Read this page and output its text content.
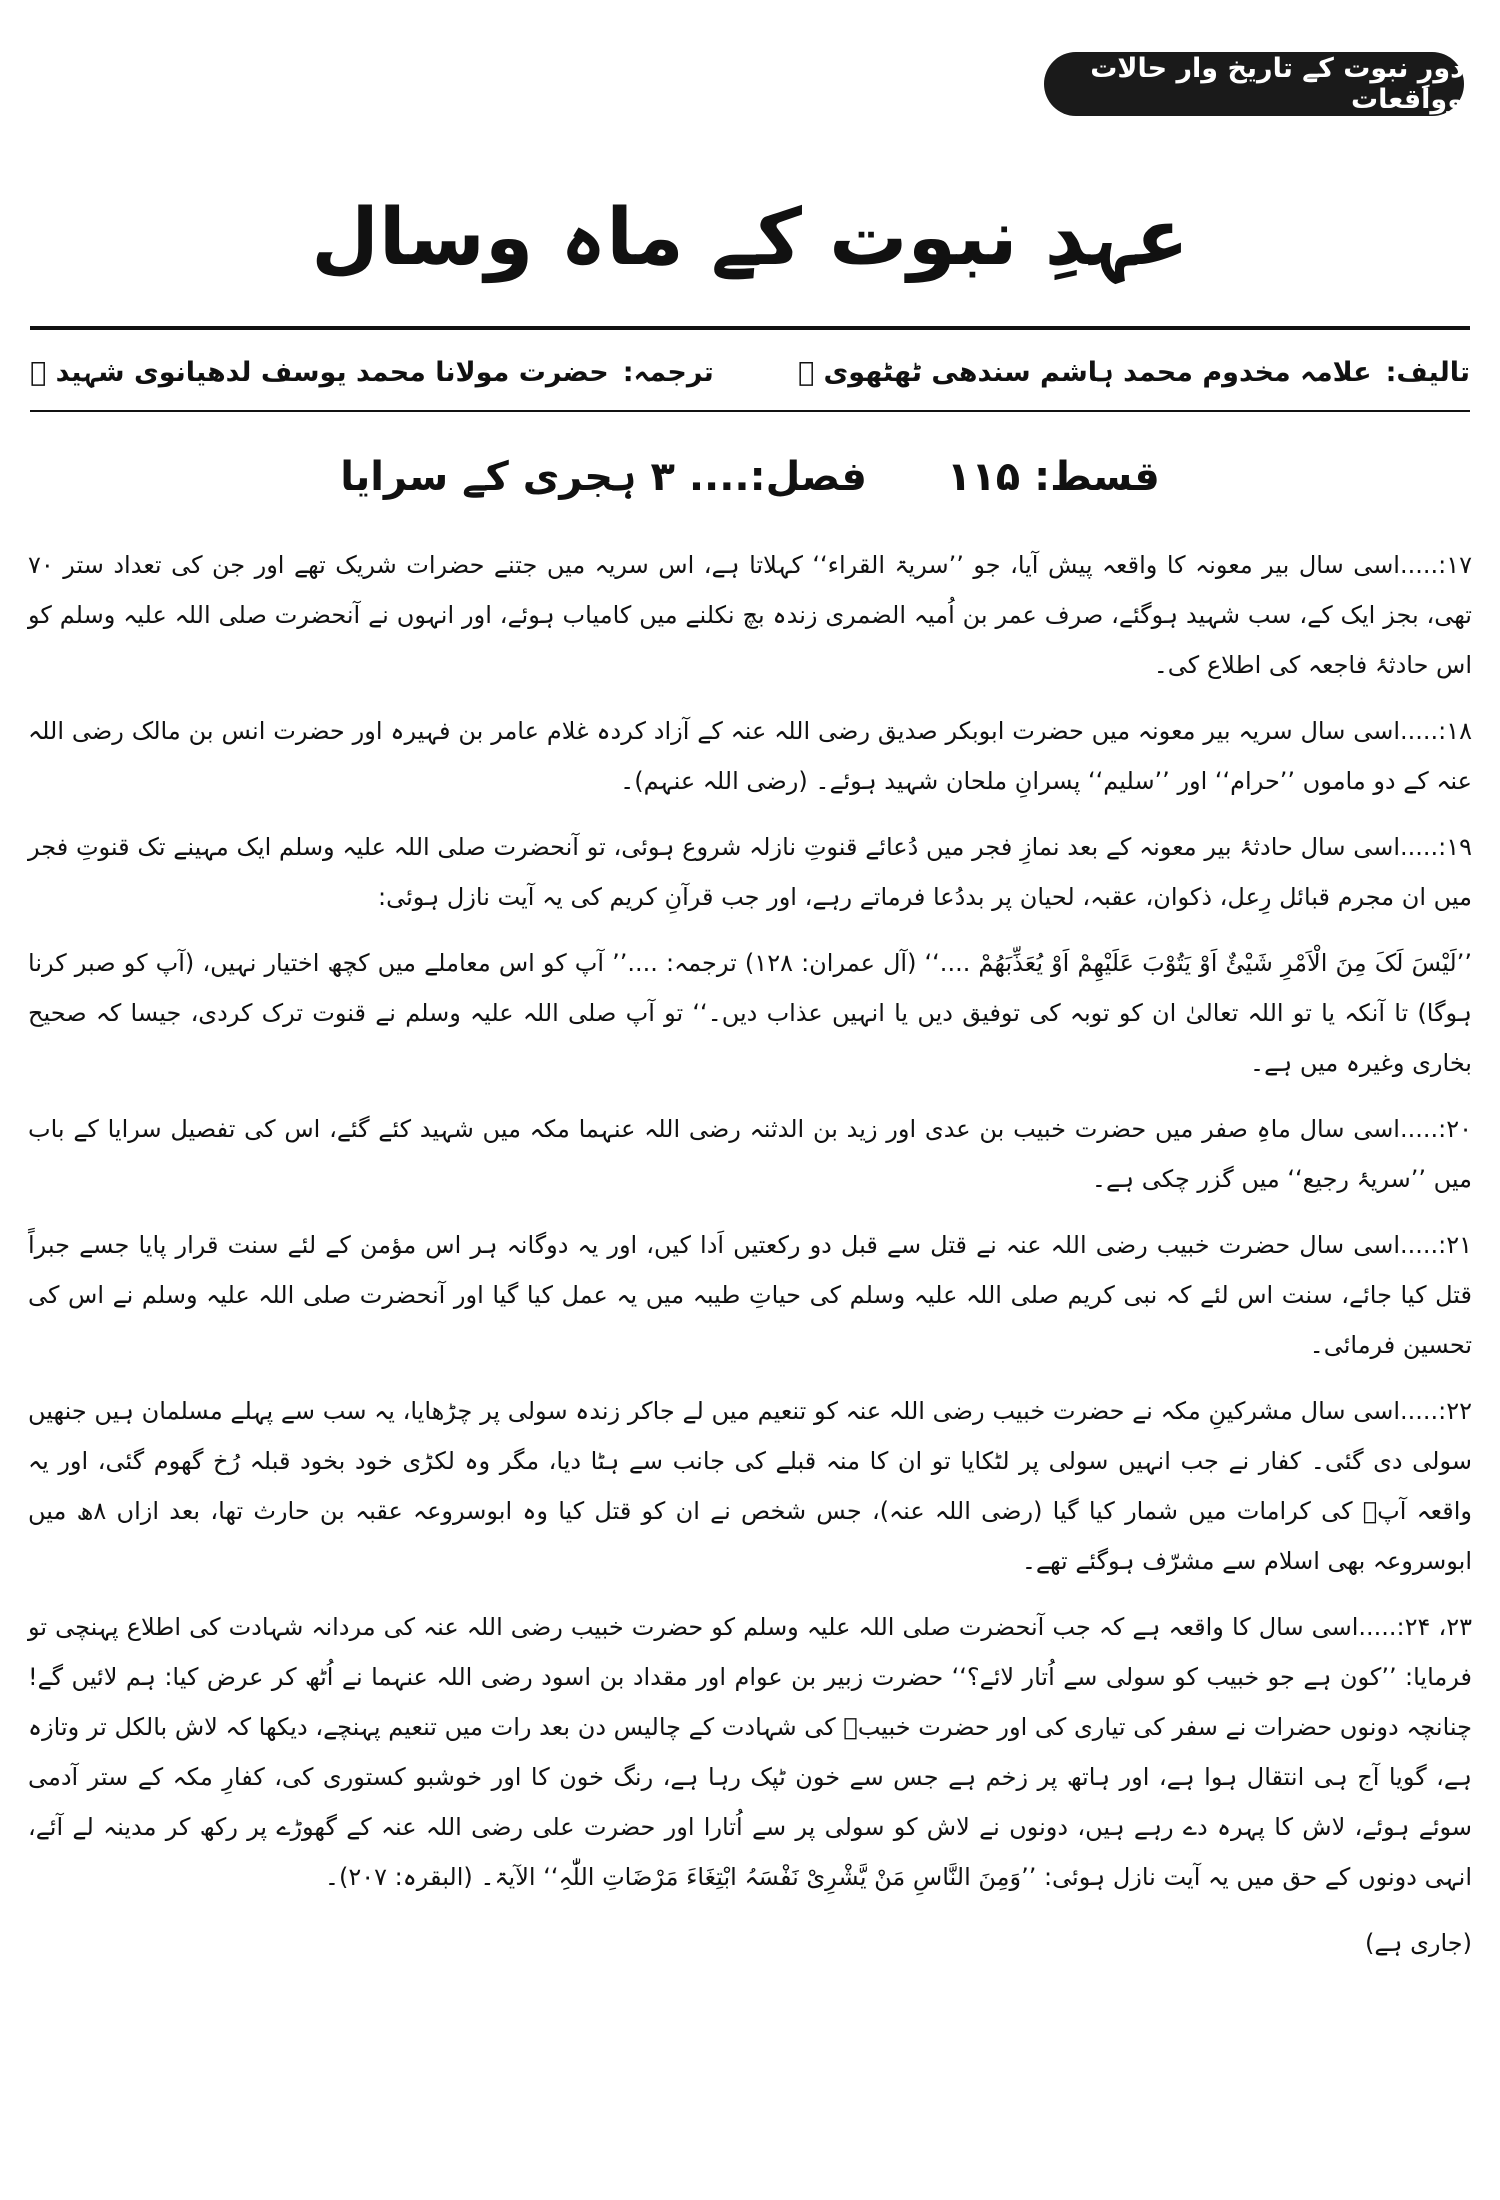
دورِ نبوت کے تاریخ وار حالات وواقعات
عہدِ نبوت کے ماہ وسال
تالیف:
علامہ مخدوم محمد ہاشم سندھی ٹھٹھوی ﷫
ترجمہ:
حضرت مولانا محمد یوسف لدھیانوی شہید ﷫
قسط: ۱۱۵
فصل:.... ۳ ہجری کے سرایا

۱۷:.....اسی سال بیر معونہ کا واقعہ پیش آیا، جو ’’سریۃ القراء‘‘ کہلاتا ہے، اس سریہ میں جتنے حضرات شریک تھے اور جن کی تعداد ستر ۷۰ تھی، بجز ایک کے، سب شہید ہوگئے، صرف عمر بن اُمیہ الضمری زندہ بچ نکلنے میں کامیاب ہوئے، اور انہوں نے آنحضرت صلی اللہ علیہ وسلم کو اس حادثۂ فاجعہ کی اطلاع کی۔

۱۸:.....اسی سال سریہ بیر معونہ میں حضرت ابوبکر صدیق رضی اللہ عنہ کے آزاد کردہ غلام عامر بن فہیرہ اور حضرت انس بن مالک رضی اللہ عنہ کے دو ماموں ’’حرام‘‘ اور ’’سلیم‘‘ پسرانِ ملحان شہید ہوئے۔ (رضی اللہ عنہم)۔

۱۹:.....اسی سال حادثۂ بیر معونہ کے بعد نمازِ فجر میں دُعائے قنوتِ نازلہ شروع ہوئی، تو آنحضرت صلی اللہ علیہ وسلم ایک مہینے تک قنوتِ فجر میں ان مجرم قبائل رِعل، ذکوان، عقبہ، لحیان پر بددُعا فرماتے رہے، اور جب قرآنِ کریم کی یہ آیت نازل ہوئی:

’’لَیْسَ لَکَ مِنَ الْاَمْرِ شَیْئٌ اَوْ یَتُوْبَ عَلَیْھِمْ اَوْ یُعَذِّبَھُمْ ....‘‘ (آل عمران: ۱۲۸) ترجمہ: ....’’ آپ کو اس معاملے میں کچھ اختیار نہیں، (آپ کو صبر کرنا ہوگا) تا آنکہ یا تو اللہ تعالیٰ ان کو توبہ کی توفیق دیں یا انہیں عذاب دیں۔‘‘ تو آپ صلی اللہ علیہ وسلم نے قنوت ترک کردی، جیسا کہ صحیح بخاری وغیرہ میں ہے۔

۲۰:.....اسی سال ماہِ صفر میں حضرت خبیب بن عدی اور زید بن الدثنہ رضی اللہ عنہما مکہ میں شہید کئے گئے، اس کی تفصیل سرایا کے باب میں ’’سریۂ رجیع‘‘ میں گزر چکی ہے۔

۲۱:.....اسی سال حضرت خبیب رضی اللہ عنہ نے قتل سے قبل دو رکعتیں اَدا کیں، اور یہ دوگانہ ہر اس مؤمن کے لئے سنت قرار پایا جسے جبراً قتل کیا جائے، سنت اس لئے کہ نبی کریم صلی اللہ علیہ وسلم کی حیاتِ طیبہ میں یہ عمل کیا گیا اور آنحضرت صلی اللہ علیہ وسلم نے اس کی تحسین فرمائی۔

۲۲:.....اسی سال مشرکینِ مکہ نے حضرت خبیب رضی اللہ عنہ کو تنعیم میں لے جاکر زندہ سولی پر چڑھایا، یہ سب سے پہلے مسلمان ہیں جنھیں سولی دی گئی۔ کفار نے جب انہیں سولی پر لٹکایا تو ان کا منہ قبلے کی جانب سے ہٹا دیا، مگر وہ لکڑی خود بخود قبلہ رُخ گھوم گئی، اور یہ واقعہ آپؓ کی کرامات میں شمار کیا گیا (رضی اللہ عنہ)، جس شخص نے ان کو قتل کیا وہ ابوسروعہ عقبہ بن حارث تھا، بعد ازاں ۸ھ میں ابوسروعہ بھی اسلام سے مشرّف ہوگئے تھے۔

۲۳، ۲۴:.....اسی سال کا واقعہ ہے کہ جب آنحضرت صلی اللہ علیہ وسلم کو حضرت خبیب رضی اللہ عنہ کی مردانہ شہادت کی اطلاع پہنچی تو فرمایا: ’’کون ہے جو خبیب کو سولی سے اُتار لائے؟‘‘ حضرت زبیر بن عوام اور مقداد بن اسود رضی اللہ عنہما نے اُٹھ کر عرض کیا: ہم لائیں گے! چنانچہ دونوں حضرات نے سفر کی تیاری کی اور حضرت خبیبؓ کی شہادت کے چالیس دن بعد رات میں تنعیم پہنچے، دیکھا کہ لاش بالکل تر وتازہ ہے، گویا آج ہی انتقال ہوا ہے، اور ہاتھ پر زخم ہے جس سے خون ٹپک رہا ہے، رنگ خون کا اور خوشبو کستوری کی، کفارِ مکہ کے ستر آدمی سوئے ہوئے، لاش کا پہرہ دے رہے ہیں، دونوں نے لاش کو سولی پر سے اُتارا اور حضرت علی رضی اللہ عنہ کے گھوڑے پر رکھ کر مدینہ لے آئے، انہی دونوں کے حق میں یہ آیت نازل ہوئی: ’’وَمِنَ النَّاسِ مَنْ یَّشْرِیْ نَفْسَہُ ابْتِغَاءَ مَرْضَاتِ اللّٰہِ‘‘ الآیۃ۔ (البقرہ: ۲۰۷)۔

(جاری ہے)
